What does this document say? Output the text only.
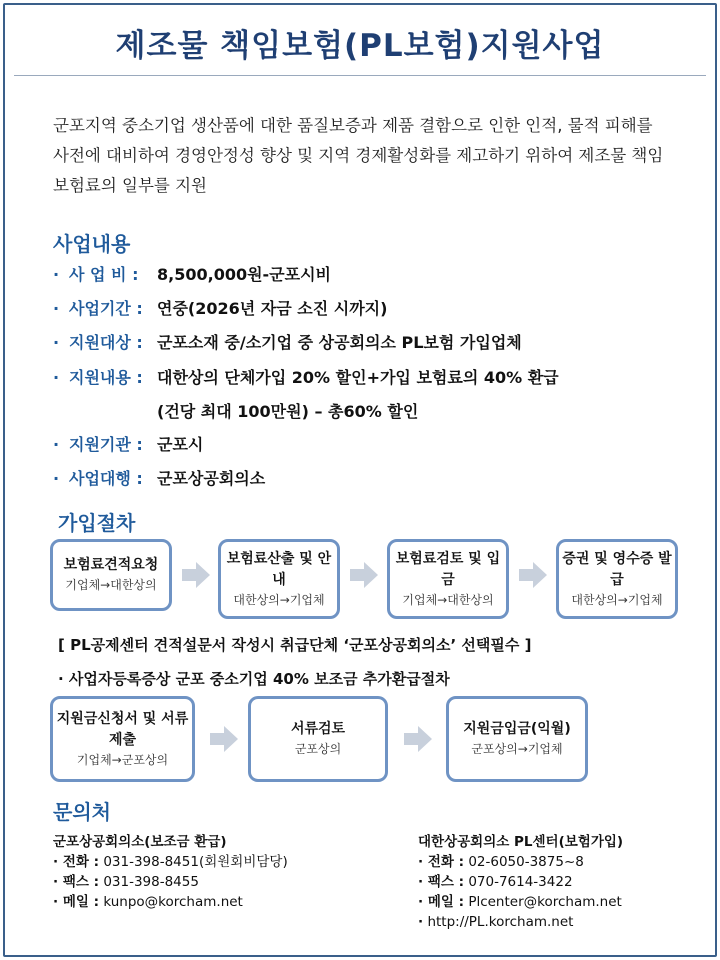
제조물 책임보험(PL보험)지원사업

군포지역 중소기업 생산품에 대한 품질보증과 제품 결함으로 인한 인적, 물적 피해를 사전에 대비하여 경영안정성 향상 및 지역 경제활성화를 제고하기 위하여 제조물 책임보험료의 일부를 지원

사업내용
· 사 업 비 : 8,500,000원-군포시비
· 사업기간 : 연중(2026년 자금 소진 시까지)
· 지원대상 : 군포소재 중/소기업 중 상공회의소 PL보험 가입업체
· 지원내용 : 대한상의 단체가입 20% 할인+가입 보험료의 40% 환급
(건당 최대 100만원) – 총60% 할인
· 지원기관 : 군포시
· 사업대행 : 군포상공회의소
가입절차
보험료견적요청
기업체→대한상의
보험료산출 및 안내
대한상의→기업체
보험료검토 및 입금
기업체→대한상의
증권 및 영수증 발급
대한상의→기업체
[ PL공제센터 견적설문서 작성시 취급단체 ‘군포상공회의소’ 선택필수 ]
· 사업자등록증상 군포 중소기업 40% 보조금 추가환급절차
지원금신청서 및 서류 제출
기업체→군포상의
서류검토
군포상의
지원금입금(익월)
군포상의→기업체
문의처
군포상공회의소(보조금 환급)
· 전화 : 031-398-8451(회원회비담당)
· 팩스 : 031-398-8455
· 메일 : kunpo@korcham.net
대한상공회의소 PL센터(보험가입)
· 전화 : 02-6050-3875~8
· 팩스 : 070-7614-3422
· 메일 : Plcenter@korcham.net
· http://PL.korcham.net
